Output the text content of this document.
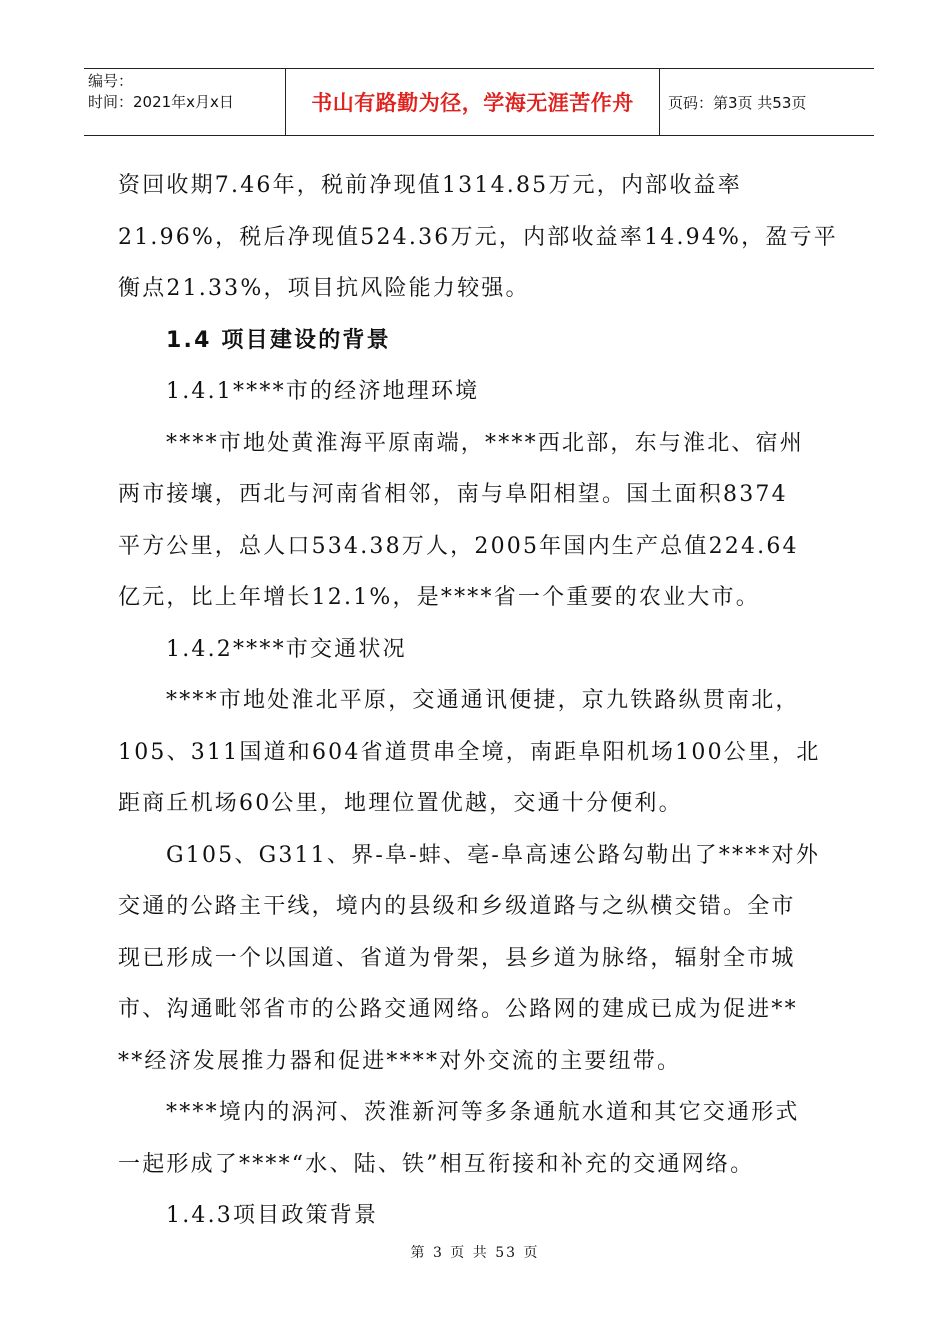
编号：
时间：2021年x月x日	书山有路勤为径，学海无涯苦作舟	页码：第3页 共53页

资回收期7.46年，税前净现值1314.85万元，内部收益率

21.96%，税后净现值524.36万元，内部收益率14.94%，盈亏平

衡点21.33%，项目抗风险能力较强。

1.4 项目建设的背景

1.4.1****市的经济地理环境

****市地处黄淮海平原南端，****西北部，东与淮北、宿州

两市接壤，西北与河南省相邻，南与阜阳相望。国土面积8374

平方公里，总人口534.38万人，2005年国内生产总值224.64

亿元，比上年增长12.1%，是****省一个重要的农业大市。

1.4.2****市交通状况

****市地处淮北平原，交通通讯便捷，京九铁路纵贯南北，

105、311国道和604省道贯串全境，南距阜阳机场100公里，北

距商丘机场60公里，地理位置优越，交通十分便利。

G105、G311、界-阜-蚌、亳-阜高速公路勾勒出了****对外

交通的公路主干线，境内的县级和乡级道路与之纵横交错。全市

现已形成一个以国道、省道为骨架，县乡道为脉络，辐射全市城

市、沟通毗邻省市的公路交通网络。公路网的建成已成为促进**

**经济发展推力器和促进****对外交流的主要纽带。

****境内的涡河、茨淮新河等多条通航水道和其它交通形式

一起形成了****“水、陆、铁”相互衔接和补充的交通网络。

1.4.3项目政策背景

第 3 页 共 53 页
